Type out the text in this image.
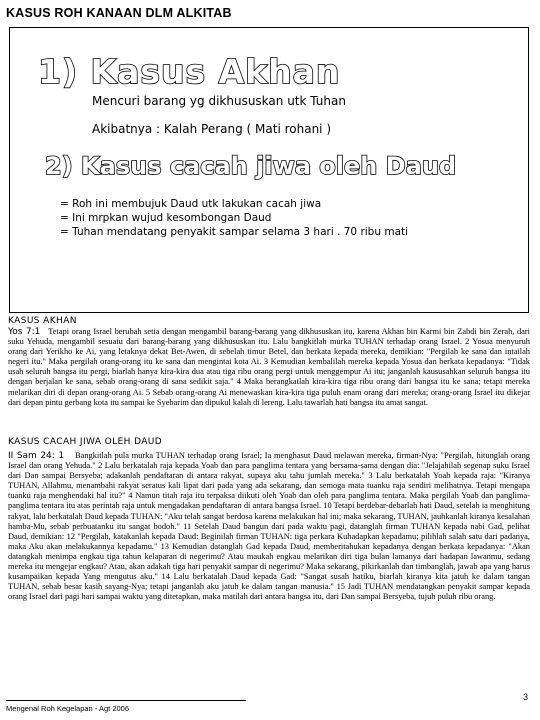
KASUS ROH KANAAN DLM ALKITAB
1) Kasus Akhan
Mencuri barang yg dikhususkan utk Tuhan
Akibatnya : Kalah Perang ( Mati rohani )
2) Kasus cacah jiwa oleh Daud
= Roh ini membujuk Daud utk lakukan cacah jiwa
= Ini mrpkan wujud kesombongan Daud
= Tuhan mendatang penyakit sampar selama 3 hari . 70 ribu mati
KASUS AKHAN
Yos 7:1 Tetapi orang Israel berubah setia dengan mengambil barang-barang yang dikhususkan itu, karena Akhan bin Karmi bin Zabdi bin Zerah, dari suku Yehuda, mengambil sesuatu dari barang-barang yang dikhususkan itu. Lalu bangkitlah murka TUHAN terhadap orang Israel. 2 Yosua menyuruh orang dari Yerikho ke Ai, yang letaknya dekat Bet-Awen, di sebelah timur Betel, dan berkata kepada mereka, demikian: "Pergilah ke sana dan intailah negeri itu." Maka pergilah orang-orang itu ke sana dan mengintai kota Ai. 3 Kemudian kembalilah mereka kepada Yosua dan berkata kepadanya: "Tidak usah seluruh bangsa itu pergi, biarlah hanya kira-kira dua atau tiga ribu orang pergi untuk menggempur Ai itu; janganlah kaususahkan seluruh bangsa itu dengan berjalan ke sana, sebab orang-orang di sana sedikit saja." 4 Maka berangkatlah kira-kira tiga ribu orang dari bangsa itu ke sana; tetapi mereka melarikan diri di depan orang-orang Ai. 5 Sebab orang-orang Ai menewaskan kira-kira tiga puluh enam orang dari mereka; orang-orang Israel itu dikejar dari depan pintu gerbang kota itu sampai ke Syebarim dan dipukul kalah di lereng. Lalu tawarlah hati bangsa itu amat sangat.
KASUS CACAH JIWA OLEH DAUD
II Sam 24: 1 Bangkitlah pula murka TUHAN terhadap orang Israel; Ia menghasut Daud melawan mereka, firman-Nya: "Pergilah, hitunglah orang Israel dan orang Yehuda." 2 Lalu berkatalah raja kepada Yoab dan para panglima tentara yang bersama-sama dengan dia: "Jelajahilah segenap suku Israel dari Dan sampai Bersyeba; adakanlah pendaftaran di antara rakyat, supaya aku tahu jumlah mereka." 3 Lalu berkatalah Yoab kepada raja: "Kiranya TUHAN, Allahmu, menambahi rakyat seratus kali lipat dari pada yang ada sekarang, dan semoga mata tuanku raja sendiri melihatnya. Tetapi mengapa tuanku raja menghendaki hal itu?" 4 Namun titah raja itu terpaksa diikuti oleh Yoab dan oleh para panglima tentara. Maka pergilah Yoab dan panglima-panglima tentara itu atas perintah raja untuk mengadakan pendaftaran di antara bangsa Israel. 10 Tetapi berdebar-debarlah hati Daud, setelah ia menghitung rakyat, lalu berkatalah Daud kepada TUHAN: "Aku telah sangat berdosa karena melakukan hal ini; maka sekarang, TUHAN, jauhkanlah kiranya kesalahan hamba-Mu, sebab perbuatanku itu sangat bodoh." 11 Setelah Daud bangun dari pada waktu pagi, datanglah firman TUHAN kepada nabi Gad, pelihat Daud, demikian: 12 "Pergilah, katakanlah kepada Daud: Beginilah firman TUHAN: tiga perkara Kuhadapkan kepadamu; pilihlah salah satu dari padanya, maka Aku akan melakukannya kepadamu." 13 Kemudian datanglah Gad kepada Daud, memberitahukan kepadanya dengan berkata kepadanya: "Akan datangkah menimpa engkau tiga tahun kelaparan di negerimu? Atau maukah engkau melarikan diri tiga bulan lamanya dari hadapan lawanmu, sedang mereka itu mengejar engkau? Atau, akan adakah tiga hari penyakit sampar di negerimu? Maka sekarang, pikirkanlah dan timbanglah, jawab apa yang harus kusampaikan kepada Yang mengutus aku." 14 Lalu berkatalah Daud kepada Gad: "Sangat susah hatiku, biarlah kiranya kita jatuh ke dalam tangan TUHAN, sebab besar kasih sayang-Nya; tetapi janganlah aku jatuh ke dalam tangan manusia." 15 Jadi TUHAN mendatangkan penyakit sampar kepada orang Israel dari pagi hari sampai waktu yang ditetapkan, maka matilah dari antara bangsa itu, dari Dan sampai Bersyeba, tujuh puluh ribu orang.
3
Mengenal Roh Kegelapan - Agt 2006
